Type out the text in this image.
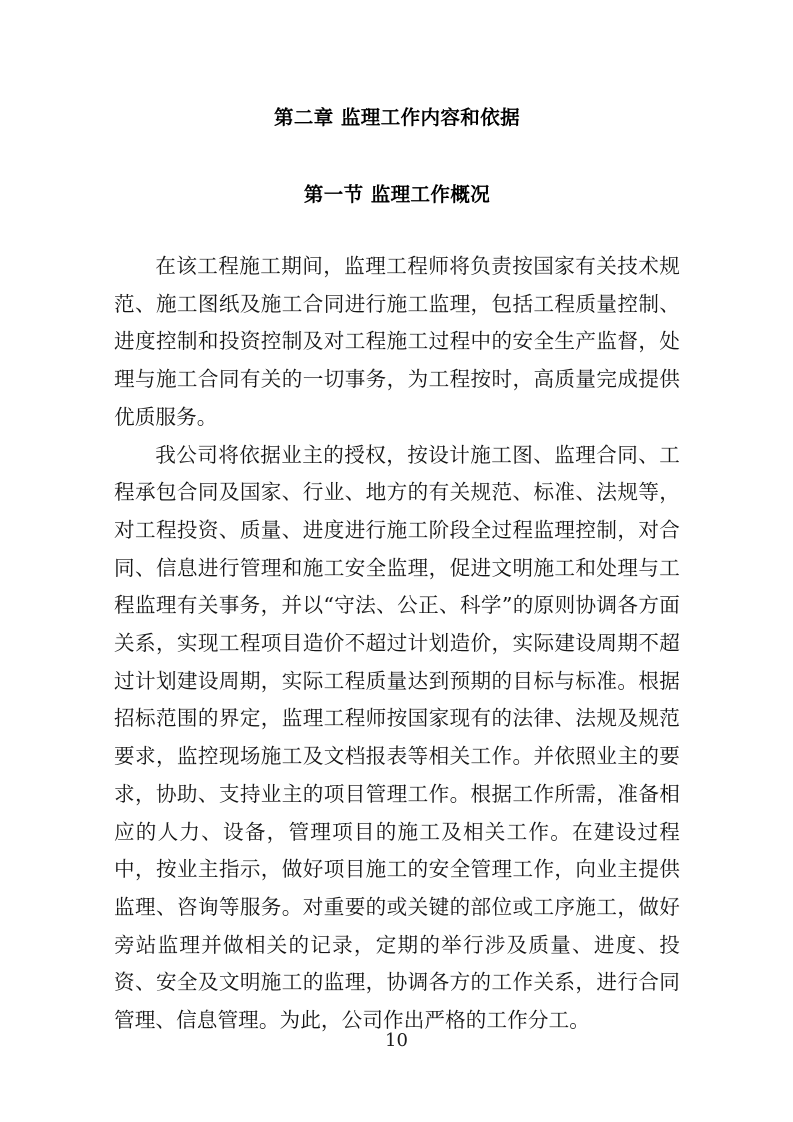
第二章 监理工作内容和依据
第一节 监理工作概况

在该工程施工期间，监理工程师将负责按国家有关技术规范、施工图纸及施工合同进行施工监理，包括工程质量控制、进度控制和投资控制及对工程施工过程中的安全生产监督，处理与施工合同有关的一切事务，为工程按时，高质量完成提供优质服务。

我公司将依据业主的授权，按设计施工图、监理合同、工程承包合同及国家、行业、地方的有关规范、标准、法规等，对工程投资、质量、进度进行施工阶段全过程监理控制，对合同、信息进行管理和施工安全监理，促进文明施工和处理与工程监理有关事务，并以“守法、公正、科学”的原则协调各方面关系，实现工程项目造价不超过计划造价，实际建设周期不超过计划建设周期，实际工程质量达到预期的目标与标准。根据招标范围的界定，监理工程师按国家现有的法律、法规及规范要求，监控现场施工及文档报表等相关工作。并依照业主的要求，协助、支持业主的项目管理工作。根据工作所需，准备相应的人力、设备，管理项目的施工及相关工作。在建设过程中，按业主指示，做好项目施工的安全管理工作，向业主提供监理、咨询等服务。对重要的或关键的部位或工序施工，做好旁站监理并做相关的记录，定期的举行涉及质量、进度、投资、安全及文明施工的监理，协调各方的工作关系，进行合同管理、信息管理。为此，公司作出严格的工作分工。

10
